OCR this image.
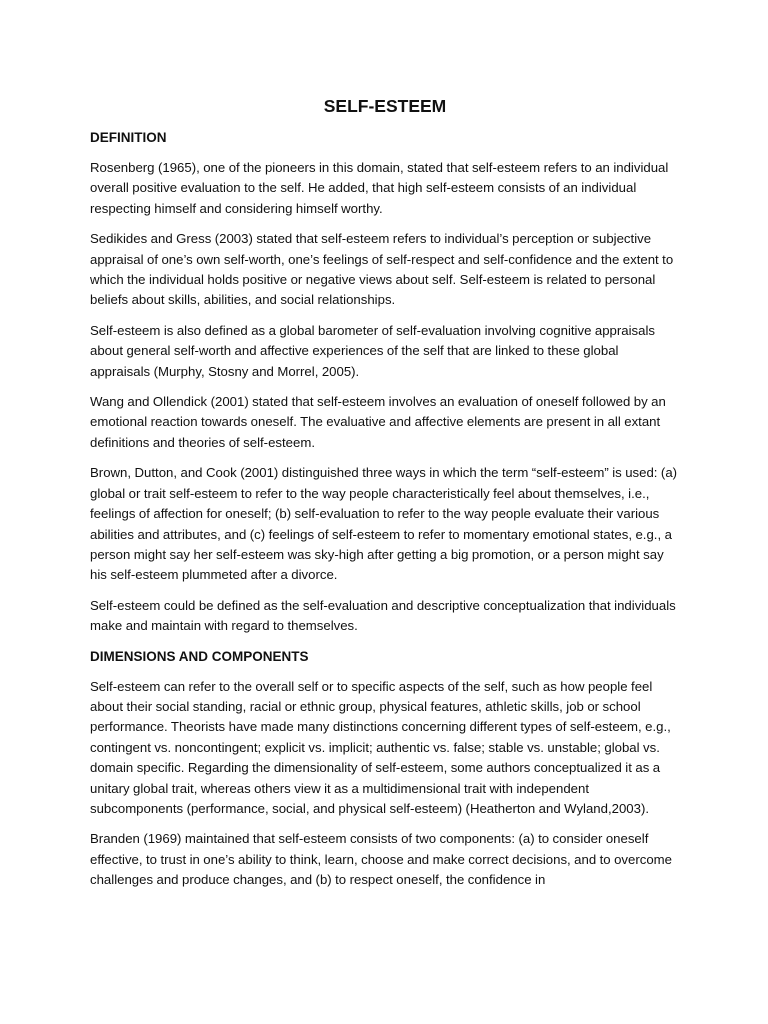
SELF-ESTEEM
DEFINITION

Rosenberg (1965), one of the pioneers in this domain, stated that self-esteem refers to an individual overall positive evaluation to the self. He added, that high self-esteem consists of an individual respecting himself and considering himself worthy.

Sedikides and Gress (2003) stated that self-esteem refers to individual’s perception or subjective appraisal of one’s own self-worth, one’s feelings of self-respect and self-confidence and the extent to which the individual holds positive or negative views about self. Self-esteem is related to personal beliefs about skills, abilities, and social relationships.

Self-esteem is also defined as a global barometer of self-evaluation involving cognitive appraisals about general self-worth and affective experiences of the self that are linked to these global appraisals (Murphy, Stosny and Morrel, 2005).

Wang and Ollendick (2001) stated that self-esteem involves an evaluation of oneself followed by an emotional reaction towards oneself. The evaluative and affective elements are present in all extant definitions and theories of self-esteem.

Brown, Dutton, and Cook (2001) distinguished three ways in which the term “self-esteem” is used: (a) global or trait self-esteem to refer to the way people characteristically feel about themselves, i.e., feelings of affection for oneself; (b) self-evaluation to refer to the way people evaluate their various abilities and attributes, and (c) feelings of self-esteem to refer to momentary emotional states, e.g., a person might say her self-esteem was sky-high after getting a big promotion, or a person might say his self-esteem plummeted after a divorce.

Self-esteem could be defined as the self-evaluation and descriptive conceptualization that individuals make and maintain with regard to themselves.

DIMENSIONS AND COMPONENTS

Self-esteem can refer to the overall self or to specific aspects of the self, such as how people feel about their social standing, racial or ethnic group, physical features, athletic skills, job or school performance. Theorists have made many distinctions concerning different types of self-esteem, e.g., contingent vs. noncontingent; explicit vs. implicit; authentic vs. false; stable vs. unstable; global vs. domain specific. Regarding the dimensionality of self-esteem, some authors conceptualized it as a unitary global trait, whereas others view it as a multidimensional trait with independent subcomponents (performance, social, and physical self-esteem) (Heatherton and Wyland,2003).

Branden (1969) maintained that self-esteem consists of two components: (a) to consider oneself effective, to trust in one’s ability to think, learn, choose and make correct decisions, and to overcome challenges and produce changes, and (b) to respect oneself, the confidence in
